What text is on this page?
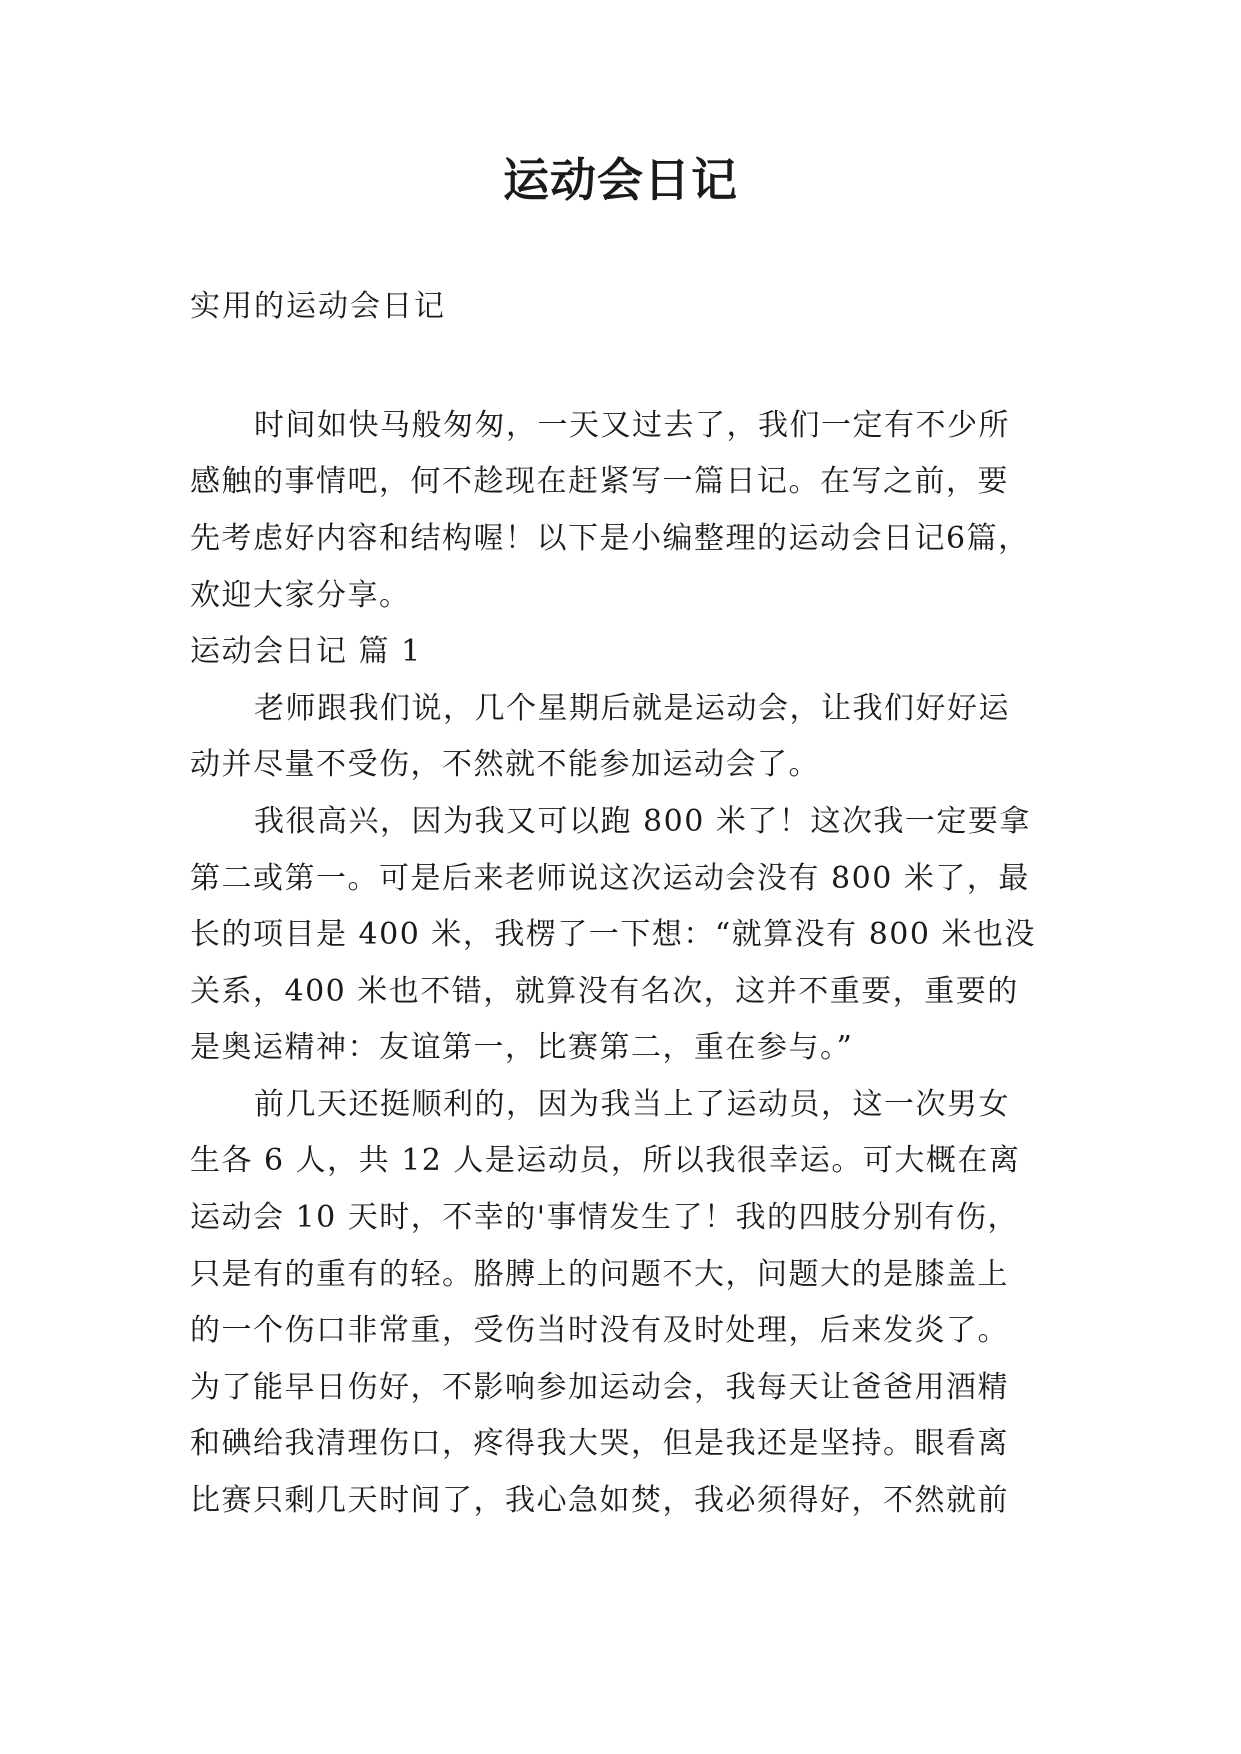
运动会日记

实用的运动会日记

时间如快马般匆匆，一天又过去了，我们一定有不少所
感触的事情吧，何不趁现在赶紧写一篇日记。在写之前，要
先考虑好内容和结构喔！以下是小编整理的运动会日记6篇，
欢迎大家分享。
运动会日记 篇 1
老师跟我们说，几个星期后就是运动会，让我们好好运
动并尽量不受伤，不然就不能参加运动会了。
我很高兴，因为我又可以跑 800 米了！这次我一定要拿
第二或第一。可是后来老师说这次运动会没有 800 米了，最
长的项目是 400 米，我楞了一下想：“就算没有 800 米也没
关系，400 米也不错，就算没有名次，这并不重要，重要的
是奥运精神：友谊第一，比赛第二，重在参与。”
前几天还挺顺利的，因为我当上了运动员，这一次男女
生各 6 人，共 12 人是运动员，所以我很幸运。可大概在离
运动会 10 天时，不幸的'事情发生了！我的四肢分别有伤，
只是有的重有的轻。胳膊上的问题不大，问题大的是膝盖上
的一个伤口非常重，受伤当时没有及时处理，后来发炎了。
为了能早日伤好，不影响参加运动会，我每天让爸爸用酒精
和碘给我清理伤口，疼得我大哭，但是我还是坚持。眼看离
比赛只剩几天时间了，我心急如焚，我必须得好，不然就前
